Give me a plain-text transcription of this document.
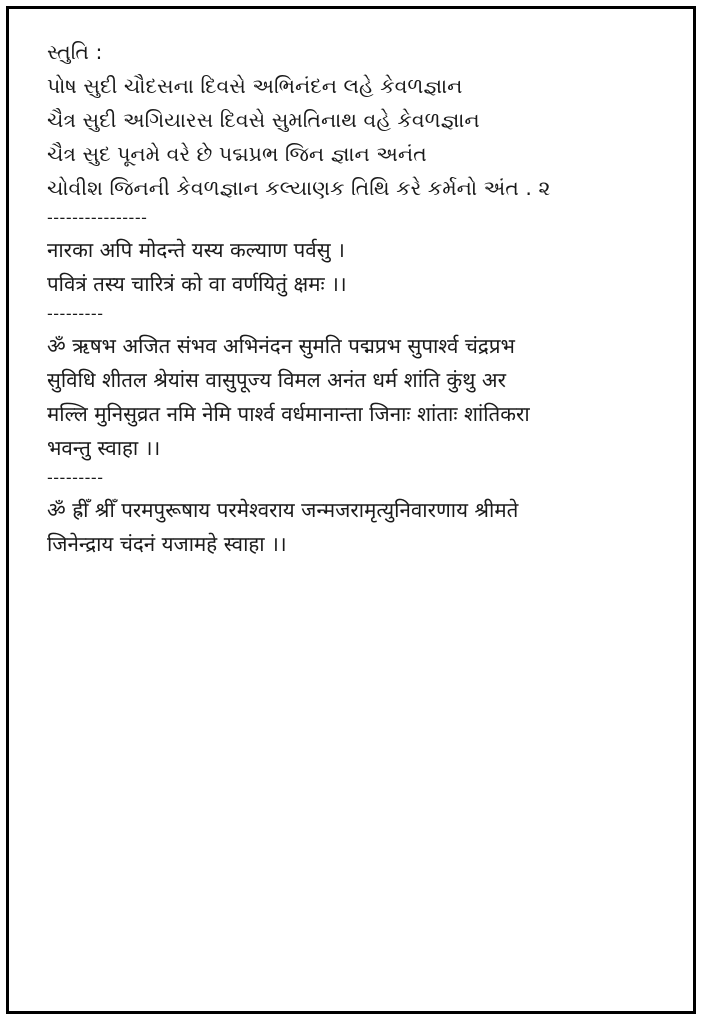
સ્તુતિ :
પોષ સુદી ચૌદસના દિવસે અભિનંદન લહે કેવળજ્ઞાન
ચૈત્ર સુદી અગિયારસ દિવસે સુમતિનાથ વહે કેવળજ્ઞાન
ચૈત્ર સુદ પૂનમે વરે છે પદ્મપ્રભ જિન જ્ઞાન અનંત
ચોવીશ જિનની કેવળજ્ઞાન કલ્યાણક તિથિ કરે કર્મનો અંત . ૨
----------------
नारका अपि मोदन्ते यस्य कल्याण पर्वसु ।
पवित्रं तस्य चारित्रं को वा वर्णयितुं क्षमः ।।
---------
ॐ ऋषभ अजित संभव अभिनंदन सुमति पद्मप्रभ सुपार्श्व चंद्रप्रभ
सुविधि शीतल श्रेयांस वासुपूज्य विमल अनंत धर्म शांति कुंथु अर
मल्लि मुनिसुव्रत नमि नेमि पार्श्व वर्धमानान्ता जिनाः शांताः शांतिकरा
भवन्तु स्वाहा ।।
---------
ॐ ह्रीँ श्रीँ परमपुरूषाय परमेश्वराय जन्मजरामृत्युनिवारणाय श्रीमते
जिनेन्द्राय चंदनं यजामहे स्वाहा ।।
